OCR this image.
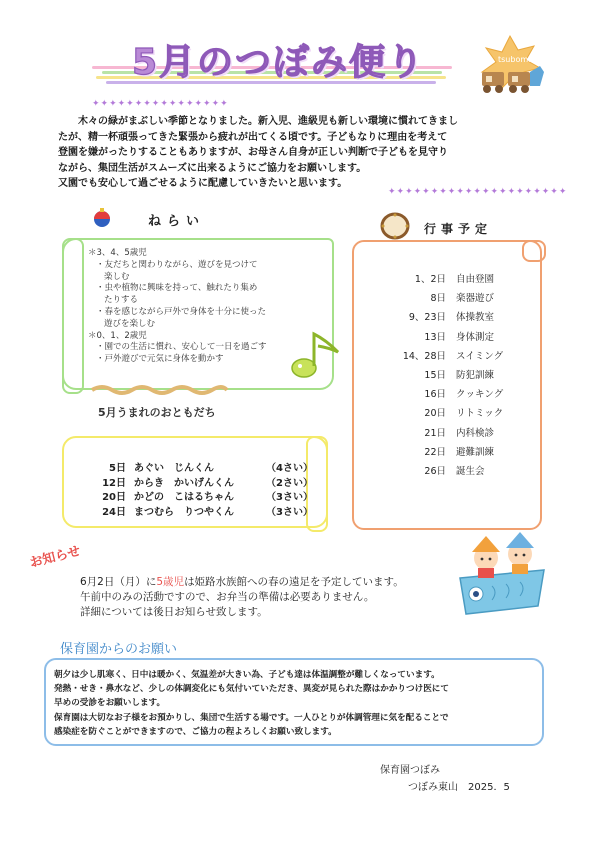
5月のつぼみ便り
✦✦✦✦✦✦✦✦✦✦✦✦✦✦✦✦
tsubomi
木々の緑がまぶしい季節となりました。新入児、進級児も新しい環境に慣れてきまし
たが、精一杯頑張ってきた緊張から疲れが出てくる頃です。子どもなりに理由を考えて
登園を嫌がったりすることもありますが、お母さん自身が正しい判断で子どもを見守り
ながら、集団生活がスムーズに出来るようにご協力をお願いします。
又園でも安心して過ごせるように配慮していきたいと思います。
✦✦✦✦✦✦✦✦✦✦✦✦✦✦✦✦✦✦✦✦✦
ねらい
＊3、4、5歳児
・友だちと関わりながら、遊びを見つけて
楽しむ
・虫や植物に興味を持って、触れたり集め
たりする
・春を感じながら戸外で身体を十分に使った
遊びを楽しむ
＊0、1、2歳児
・園での生活に慣れ、安心して一日を過ごす
・戸外遊びで元気に身体を動かす
5月うまれのおともだち
5日 あぐい　じんくん	（4さい）
12日 からき　かいげんくん	（2さい）
20日 かどの　こはるちゃん	（3さい）
24日 まつむら　りつやくん	（3さい）
行事予定
1、2日	自由登園
8日	楽器遊び
9、23日	体操教室
13日	身体測定
14、28日	スイミング
15日	防犯訓練
16日	クッキング
20日	リトミック
21日	内科検診
22日	避難訓練
26日	誕生会
お知らせ
6月2日（月）に5歳児は姫路水族館への春の遠足を予定しています。
午前中のみの活動ですので、お弁当の準備は必要ありません。
詳細については後日お知らせ致します。
保育園からのお願い
朝夕は少し肌寒く、日中は暖かく、気温差が大きい為、子ども達は体温調整が難しくなっています。
発熱・せき・鼻水など、少しの体調変化にも気付いていただき、異変が見られた際はかかりつけ医にて
早めの受診をお願いします。
保育園は大切なお子様をお預かりし、集団で生活する場です。一人ひとりが体調管理に気を配ることで
感染症を防ぐことができますので、ご協力の程よろしくお願い致します。
保育園つぼみ
つぼみ東山　2025．5
